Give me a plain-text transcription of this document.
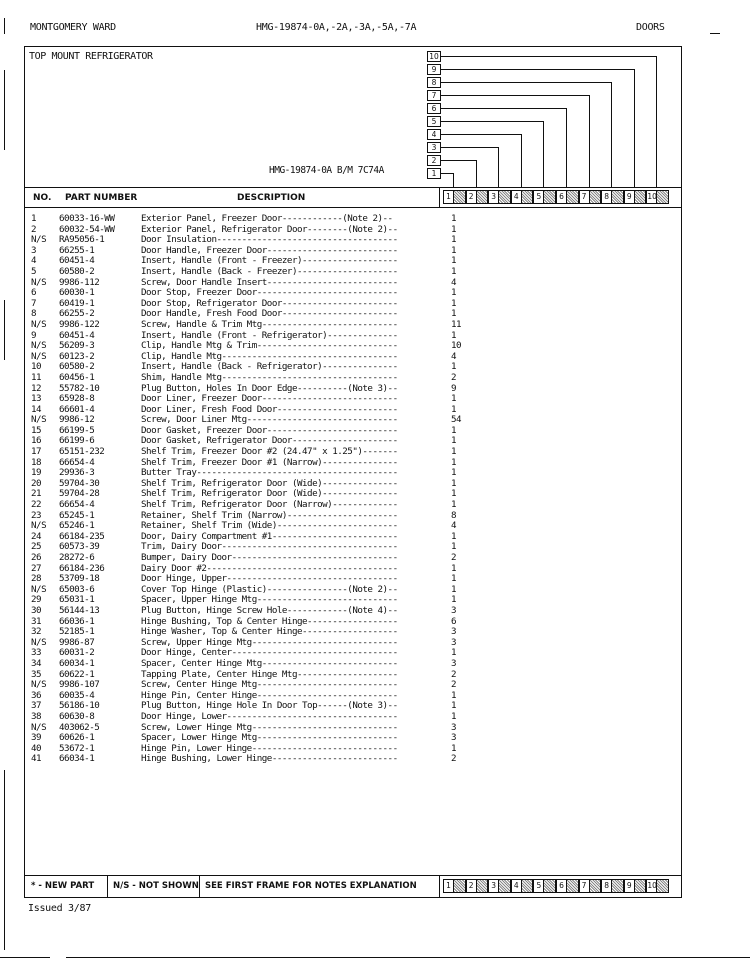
MONTGOMERY WARD	HMG-19874-0A,-2A,-3A,-5A,-7A	DOORS
TOP MOUNT REFRIGERATOR
HMG-19874-0A B/M 7C74A
10
9
8
7
6
5
4
3
2
1
NO. PART NUMBER	DESCRIPTION	1	2	3	4	5	6	7	8	9	10
1	60033-16-WW	Exterior Panel, Freezer Door------------(Note 2)--	1
2	60032-54-WW	Exterior Panel, Refrigerator Door--------(Note 2)--	1
N/S	RA95056-1	Door Insulation------------------------------------	1
3	66255-1	Door Handle, Freezer Door--------------------------	1
4	60451-4	Insert, Handle (Front - Freezer)-------------------	1
5	60580-2	Insert, Handle (Back - Freezer)--------------------	1
N/S	9986-112	Screw, Door Handle Insert--------------------------	4
6	60030-1	Door Stop, Freezer Door----------------------------	1
7	60419-1	Door Stop, Refrigerator Door-----------------------	1
8	66255-2	Door Handle, Fresh Food Door-----------------------	1
N/S	9986-122	Screw, Handle & Trim Mtg---------------------------	11
9	60451-4	Insert, Handle (Front - Refrigerator)--------------	1
N/S	56209-3	Clip, Handle Mtg & Trim----------------------------	10
N/S	60123-2	Clip, Handle Mtg-----------------------------------	4
10	60580-2	Insert, Handle (Back - Refrigerator)---------------	1
11	60456-1	Shim, Handle Mtg-----------------------------------	2
12	55782-10	Plug Button, Holes In Door Edge----------(Note 3)--	9
13	65928-8	Door Liner, Freezer Door---------------------------	1
14	66601-4	Door Liner, Fresh Food Door------------------------	1
N/S	9986-12	Screw, Door Liner Mtg------------------------------	54
15	66199-5	Door Gasket, Freezer Door--------------------------	1
16	66199-6	Door Gasket, Refrigerator Door---------------------	1
17	65151-232	Shelf Trim, Freezer Door #2 (24.47" x 1.25")-------	1
18	66654-4	Shelf Trim, Freezer Door #1 (Narrow)---------------	1
19	29936-3	Butter Tray----------------------------------------	1
20	59704-30	Shelf Trim, Refrigerator Door (Wide)---------------	1
21	59704-28	Shelf Trim, Refrigerator Door (Wide)---------------	1
22	66654-4	Shelf Trim, Refrigerator Door (Narrow)-------------	1
23	65245-1	Retainer, Shelf Trim (Narrow)----------------------	8
N/S	65246-1	Retainer, Shelf Trim (Wide)------------------------	4
24	66184-235	Door, Dairy Compartment #1-------------------------	1
25	60573-39	Trim, Dairy Door-----------------------------------	1
26	28272-6	Bumper, Dairy Door---------------------------------	2
27	66184-236	Dairy Door #2--------------------------------------	1
28	53709-18	Door Hinge, Upper----------------------------------	1
N/S	65003-6	Cover Top Hinge (Plastic)----------------(Note 2)--	1
29	65031-1	Spacer, Upper Hinge Mtg----------------------------	1
30	56144-13	Plug Button, Hinge Screw Hole------------(Note 4)--	3
31	66036-1	Hinge Bushing, Top & Center Hinge------------------	6
32	52185-1	Hinge Washer, Top & Center Hinge-------------------	3
N/S	9986-87	Screw, Upper Hinge Mtg-----------------------------	3
33	60031-2	Door Hinge, Center---------------------------------	1
34	60034-1	Spacer, Center Hinge Mtg---------------------------	3
35	60622-1	Tapping Plate, Center Hinge Mtg--------------------	2
N/S	9986-107	Screw, Center Hinge Mtg----------------------------	2
36	60035-4	Hinge Pin, Center Hinge----------------------------	1
37	56186-10	Plug Button, Hinge Hole In Door Top------(Note 3)--	1
38	60630-8	Door Hinge, Lower----------------------------------	1
N/S	403062-5	Screw, Lower Hinge Mtg-----------------------------	3
39	60626-1	Spacer, Lower Hinge Mtg----------------------------	3
40	53672-1	Hinge Pin, Lower Hinge-----------------------------	1
41	66034-1	Hinge Bushing, Lower Hinge-------------------------	2
* - NEW PART N/S - NOT SHOWN SEE FIRST FRAME FOR NOTES EXPLANATION	1	2	3	4	5	6	7	8	9	10
Issued 3/87
